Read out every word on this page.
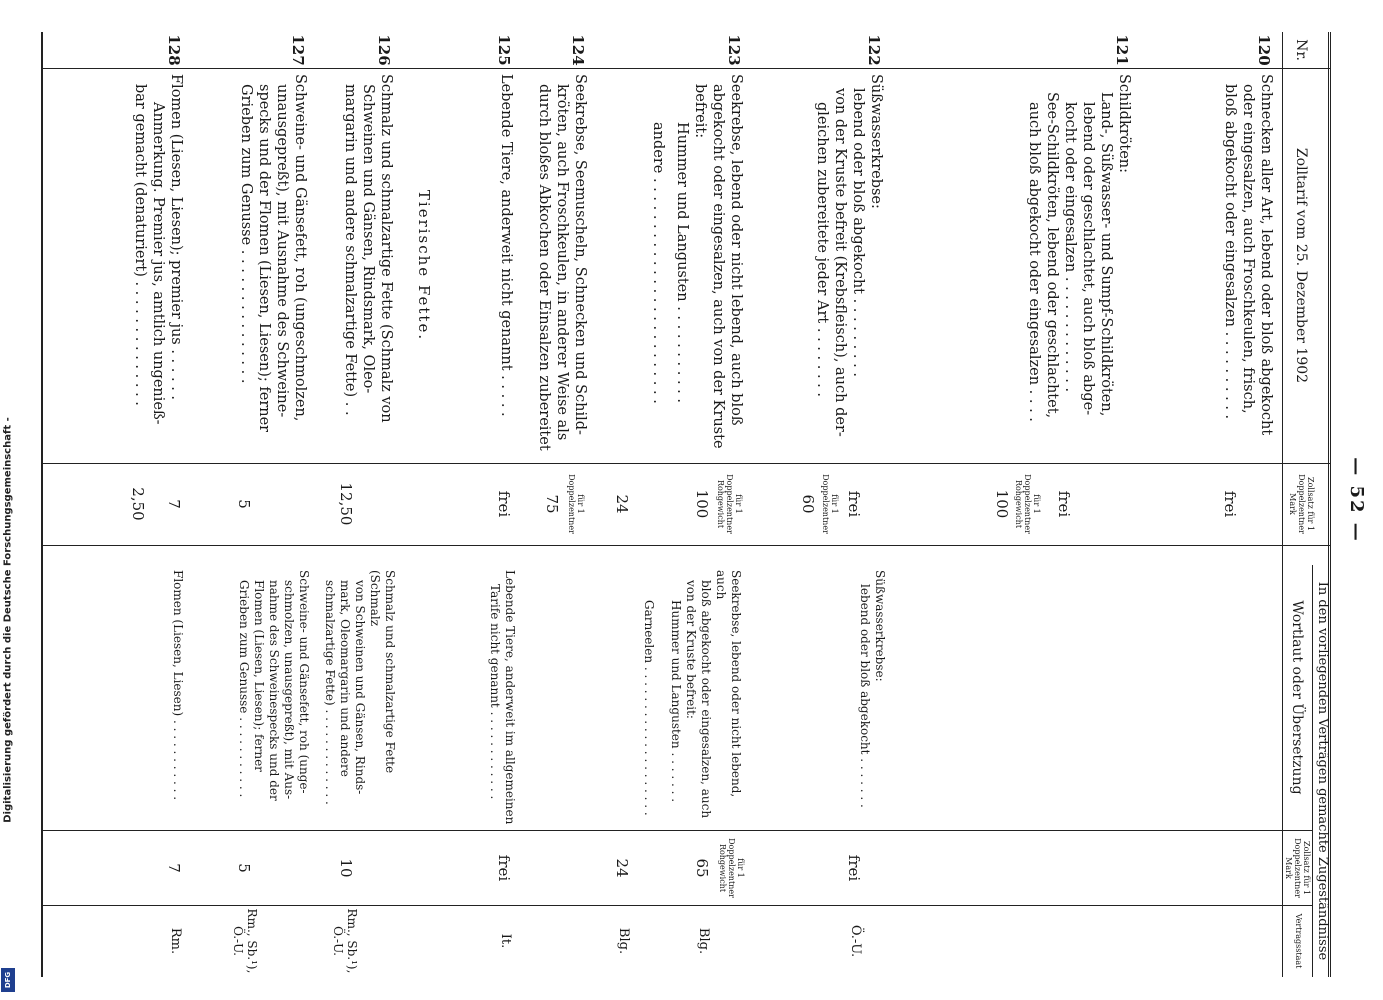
Digitalisierung gefördert durch die Deutsche Forschungsgemeinschaft -
DFG
— 52 —
Nr.
Zolltarif vom 25. Dezember 1902
Zollsatz für 1 Doppelzentner Mark
In den vorliegenden Verträgen gemachte Zugeständnisse
Wortlaut oder Übersetzung
Zollsatz für 1 Doppelzentner Mark
Vertragsstaat
120
Schnecken aller Art, lebend oder bloß abgekocht
oder eingesalzen, auch Froschkeulen, frisch,
bloß abgekocht oder eingesalzen . . . . . . . . . .
frei
121
Schildkröten:
Land-, Süßwasser- und Sumpf-Schildkröten,
lebend oder geschlachtet, auch bloß abge-
kocht oder eingesalzen . . . . . . . . . . . . .
See-Schildkröten, lebend oder geschlachtet,
auch bloß abgekocht oder eingesalzen . . . .
frei
für 1 Doppelzentner Rohgewicht
100
122
Süßwasserkrebse:
lebend oder bloß abgekocht . . . . . . . . .
von der Kruste befreit (Krebsfleisch), auch der-
gleichen zubereitete jeder Art . . . . . . . .
frei
für 1 Doppelzentner
60
Süßwasserkrebse:
lebend oder bloß abgekocht . . . . . . .
frei
Ö.-U.
123
Seekrebse, lebend oder nicht lebend, auch bloß
abgekocht oder eingesalzen, auch von der Kruste
befreit:
Hummer und Langusten . . . . . . . . . . .
andere . . . . . . . . . . . . . . . . . . . . . . . . .
für 1 Doppelzentner Rohgewicht
100
24
Seekrebse, lebend oder nicht lebend, auch
bloß abgekocht oder eingesalzen, auch
von der Kruste befreit:
Hummer und Langusten . . . . . . .
Garneelen . . . . . . . . . . . . . . . . . . . .
für 1 Doppelzentner Rohgewicht
65
24
Blg.
Blg.
124
Seekrebse, Seemuscheln, Schnecken und Schild-
kröten, auch Froschkeulen, in anderer Weise als
durch bloßes Abkochen oder Einsalzen zubereitet
für 1 Doppelzentner
75
125
Lebende Tiere, anderweit nicht genannt . . . . .
frei
Lebende Tiere, anderweit im allgemeinen
Tarife nicht genannt . . . . . . . . . . . .
frei
It.
Tierische Fette.
126
Schmalz und schmalzartige Fette (Schmalz von
Schweinen und Gänsen, Rindsmark, Oleo-
margarin und andere schmalzartige Fette) . .
12,50
Schmalz und schmalzartige Fette (Schmalz
von Schweinen und Gänsen, Rinds-
mark, Oleomargarin und andere
schmalzartige Fette) . . . . . . . . . . . . .
10
Rm., Sb.¹), Ö.-U.
127
Schweine- und Gänsefett, roh (ungeschmolzen,
unausgepreßt), mit Ausnahme des Schweine-
specks und der Flomen (Liesen, Liesen); ferner
Grieben zum Genusse . . . . . . . . . . . . . . .
5
Schweine- und Gänsefett, roh (unge-
schmolzen, unausgepreßt), mit Aus-
nahme des Schweinespecks und der
Flomen (Liesen, Liesen); ferner
Grieben zum Genusse . . . . . . . . . . .
5
Rm., Sb.¹), Ö.-U.
128
Flomen (Liesen, Liesen); premier jus . . . . . .
Anmerkung. Premier jus, amtlich ungenieß-
bar gemacht (denaturiert) . . . . . . . . . . . . . .
7
2,50
Flomen (Liesen, Liesen) . . . . . . . . . . .
7
Rm.
